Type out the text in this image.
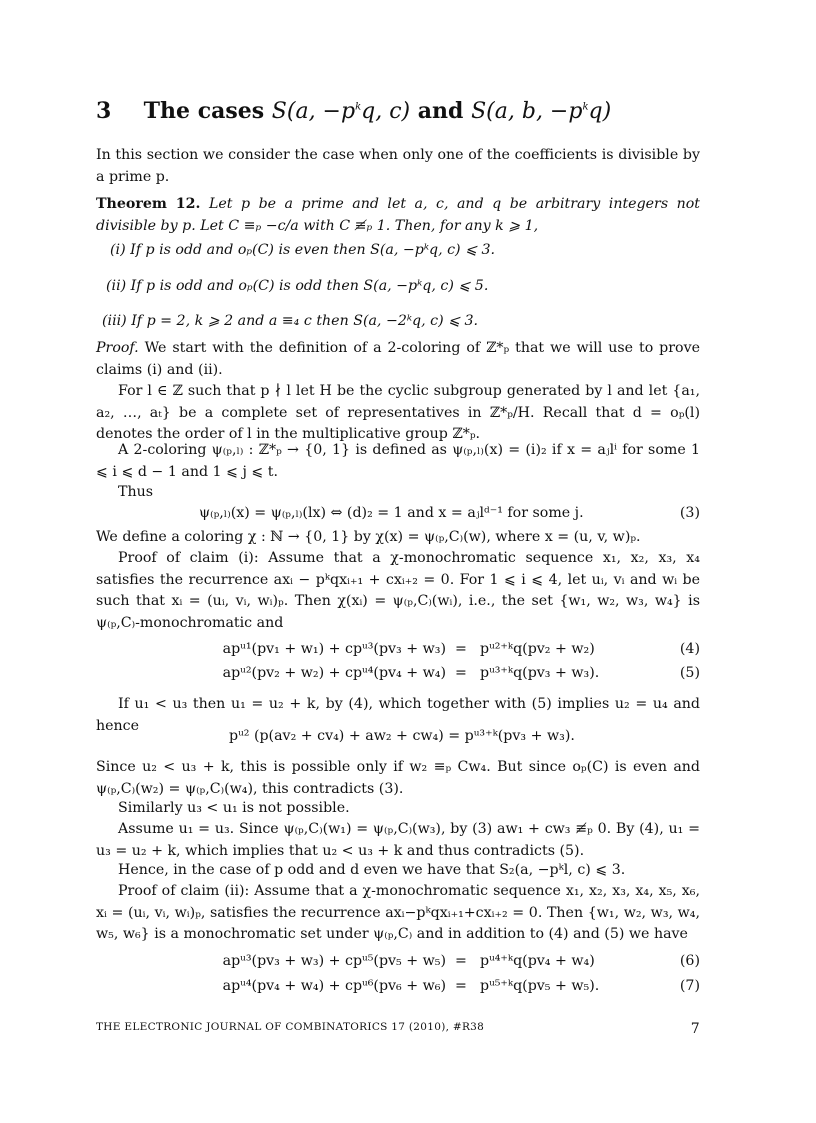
3 The cases S(a, $-p^kq$, c) and S(a, b, $-p^kq$)
In this section we consider the case when only one of the coefficients is divisible by a prime p.
Theorem 12. Let p be a prime and let a, c, and q be arbitrary integers not divisible by p. Let C ≡ₚ −c/a with C ≢ₚ 1. Then, for any k ⩾ 1,
(i) If p is odd and oₚ(C) is even then S(a, −pᵏq, c) ⩽ 3.
(ii) If p is odd and oₚ(C) is odd then S(a, −pᵏq, c) ⩽ 5.
(iii) If p = 2, k ⩾ 2 and a ≡₄ c then S(a, −2ᵏq, c) ⩽ 3.
Proof. We start with the definition of a 2-coloring of ℤ*ₚ that we will use to prove claims (i) and (ii).
For l ∈ ℤ such that p ∤ l let H be the cyclic subgroup generated by l and let {a₁, a₂, …, aₜ} be a complete set of representatives in ℤ*ₚ/H. Recall that d = oₚ(l) denotes the order of l in the multiplicative group ℤ*ₚ.
A 2-coloring ψ₍ₚ,ₗ₎ : ℤ*ₚ → {0, 1} is defined as ψ₍ₚ,ₗ₎(x) = (i)₂ if x = aⱼlⁱ for some 1 ⩽ i ⩽ d − 1 and 1 ⩽ j ⩽ t.
Thus
ψ₍ₚ,ₗ₎(x) = ψ₍ₚ,ₗ₎(lx) ⇔ (d)₂ = 1 and x = aⱼlᵈ⁻¹ for some j.	(3)
We define a coloring χ : ℕ → {0, 1} by χ(x) = ψ₍ₚ,C₎(w), where x = (u, v, w)ₚ.
Proof of claim (i): Assume that a χ-monochromatic sequence x₁, x₂, x₃, x₄ satisfies the recurrence axᵢ − pᵏqxᵢ₊₁ + cxᵢ₊₂ = 0. For 1 ⩽ i ⩽ 4, let uᵢ, vᵢ and wᵢ be such that xᵢ = (uᵢ, vᵢ, wᵢ)ₚ. Then χ(xᵢ) = ψ₍ₚ,C₎(wᵢ), i.e., the set {w₁, w₂, w₃, w₄} is ψ₍ₚ,C₎-monochromatic and
apᵘ¹(pv₁ + w₁) + cpᵘ³(pv₃ + w₃) = pᵘ²⁺ᵏq(pv₂ + w₂)	(4)
apᵘ²(pv₂ + w₂) + cpᵘ⁴(pv₄ + w₄) = pᵘ³⁺ᵏq(pv₃ + w₃).	(5)
If u₁ < u₃ then u₁ = u₂ + k, by (4), which together with (5) implies u₂ = u₄ and hence
pᵘ² (p(av₂ + cv₄) + aw₂ + cw₄) = pᵘ³⁺ᵏ(pv₃ + w₃).
Since u₂ < u₃ + k, this is possible only if w₂ ≡ₚ Cw₄. But since oₚ(C) is even and ψ₍ₚ,C₎(w₂) = ψ₍ₚ,C₎(w₄), this contradicts (3).
Similarly u₃ < u₁ is not possible.
Assume u₁ = u₃. Since ψ₍ₚ,C₎(w₁) = ψ₍ₚ,C₎(w₃), by (3) aw₁ + cw₃ ≢ₚ 0. By (4), u₁ = u₃ = u₂ + k, which implies that u₂ < u₃ + k and thus contradicts (5).
Hence, in the case of p odd and d even we have that S₂(a, −pᵏl, c) ⩽ 3.
Proof of claim (ii): Assume that a χ-monochromatic sequence x₁, x₂, x₃, x₄, x₅, x₆, xᵢ = (uᵢ, vᵢ, wᵢ)ₚ, satisfies the recurrence axᵢ−pᵏqxᵢ₊₁+cxᵢ₊₂ = 0. Then {w₁, w₂, w₃, w₄, w₅, w₆} is a monochromatic set under ψ₍ₚ,C₎ and in addition to (4) and (5) we have
apᵘ³(pv₃ + w₃) + cpᵘ⁵(pv₅ + w₅) = pᵘ⁴⁺ᵏq(pv₄ + w₄)	(6)
apᵘ⁴(pv₄ + w₄) + cpᵘ⁶(pv₆ + w₆) = pᵘ⁵⁺ᵏq(pv₅ + w₅).	(7)
THE ELECTRONIC JOURNAL OF COMBINATORICS 17 (2010), #R38	7
